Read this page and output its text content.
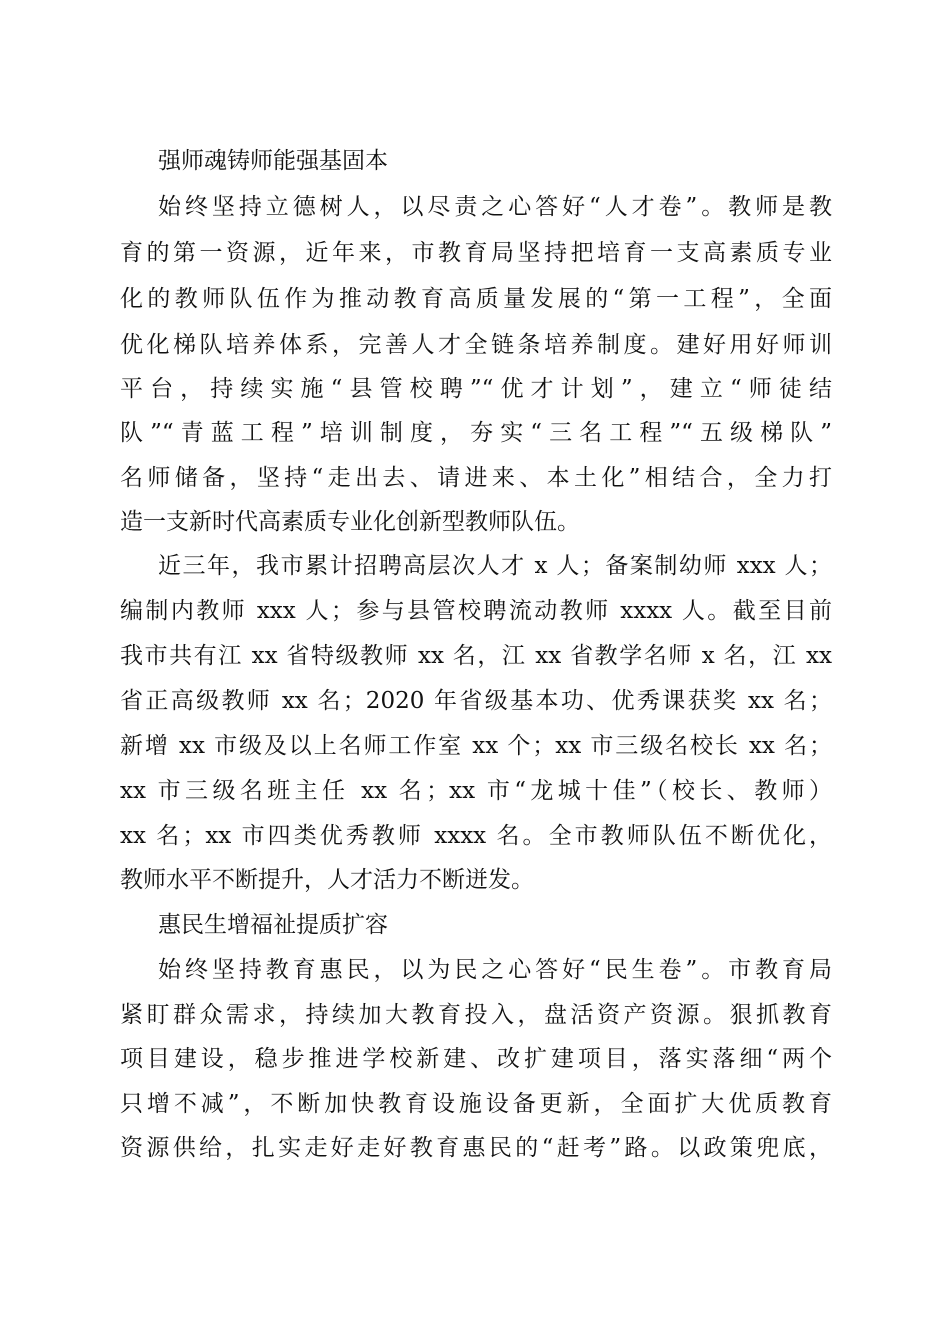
强师魂铸师能强基固本
始终坚持立德树人，以尽责之心答好“人才卷”。教师是教
育的第一资源，近年来，市教育局坚持把培育一支高素质专业
化的教师队伍作为推动教育高质量发展的“第一工程”，全面
优化梯队培养体系，完善人才全链条培养制度。建好用好师训
平台，持续实施“县管校聘”“优才计划”，建立“师徒结
队”“青蓝工程”培训制度，夯实“三名工程”“五级梯队”
名师储备，坚持“走出去、请进来、本土化”相结合，全力打
造一支新时代高素质专业化创新型教师队伍。
近三年，我市累计招聘高层次人才 x 人；备案制幼师 xxx 人；
编制内教师 xxx 人；参与县管校聘流动教师 xxxx 人。截至目前
我市共有江 xx 省特级教师 xx 名，江 xx 省教学名师 x 名，江 xx
省正高级教师 xx 名；2020 年省级基本功、优秀课获奖 xx 名；
新增 xx 市级及以上名师工作室 xx 个；xx 市三级名校长 xx 名；
xx 市三级名班主任 xx 名；xx 市“龙城十佳”（校长、教师）
xx 名；xx 市四类优秀教师 xxxx 名。全市教师队伍不断优化，
教师水平不断提升，人才活力不断迸发。
惠民生增福祉提质扩容
始终坚持教育惠民，以为民之心答好“民生卷”。市教育局
紧盯群众需求，持续加大教育投入，盘活资产资源。狠抓教育
项目建设，稳步推进学校新建、改扩建项目，落实落细“两个
只增不减”，不断加快教育设施设备更新，全面扩大优质教育
资源供给，扎实走好走好教育惠民的“赶考”路。以政策兜底，
